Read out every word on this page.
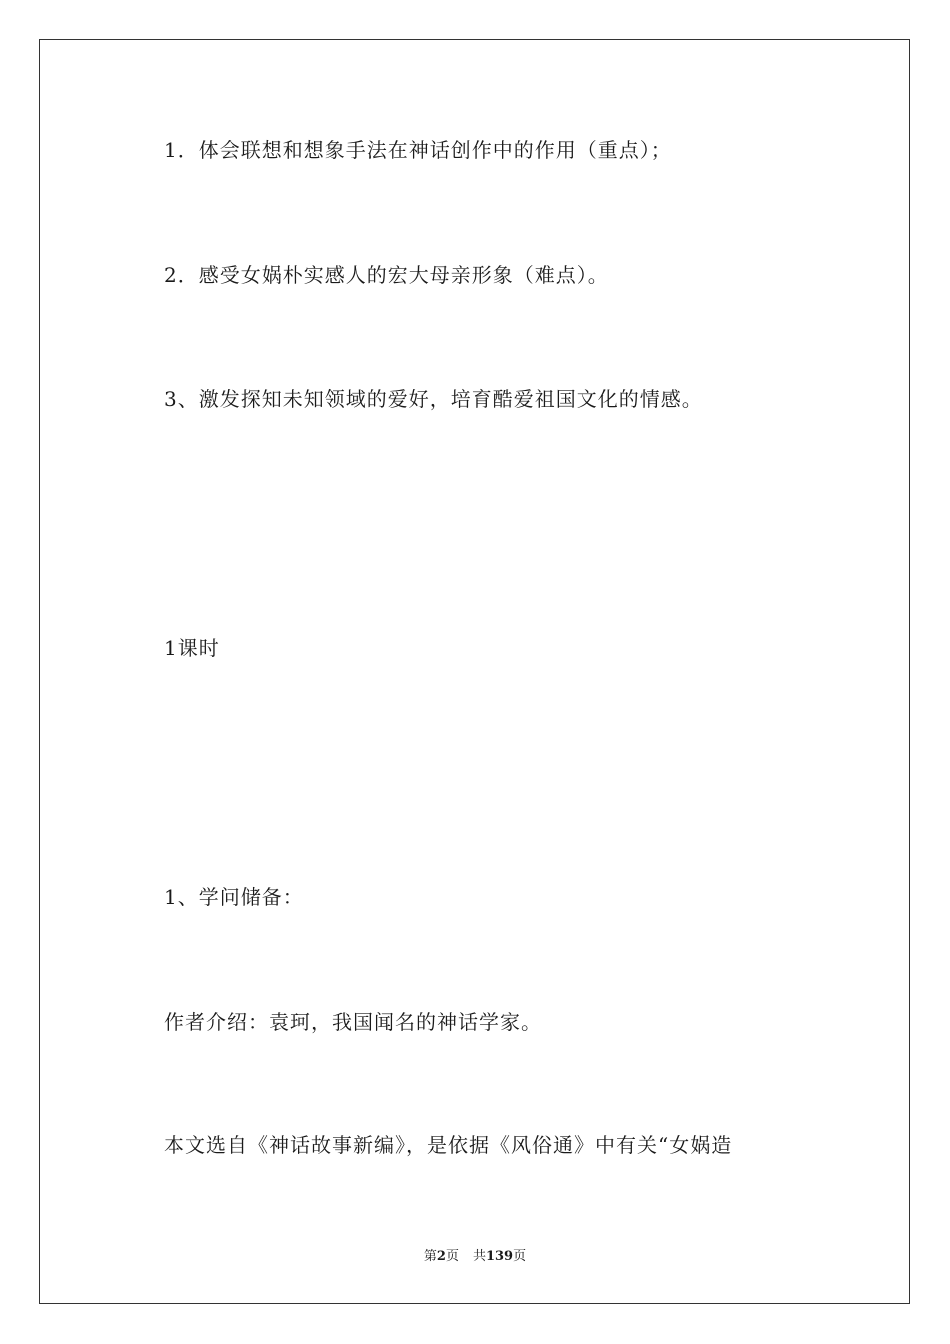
1．体会联想和想象手法在神话创作中的作用（重点）；
2．感受女娲朴实感人的宏大母亲形象（难点）。
3、激发探知未知领域的爱好，培育酷爱祖国文化的情感。
1课时
1、学问储备：
作者介绍：袁珂，我国闻名的神话学家。
本文选自《神话故事新编》，是依据《风俗通》中有关“女娲造
第2页 共139页
